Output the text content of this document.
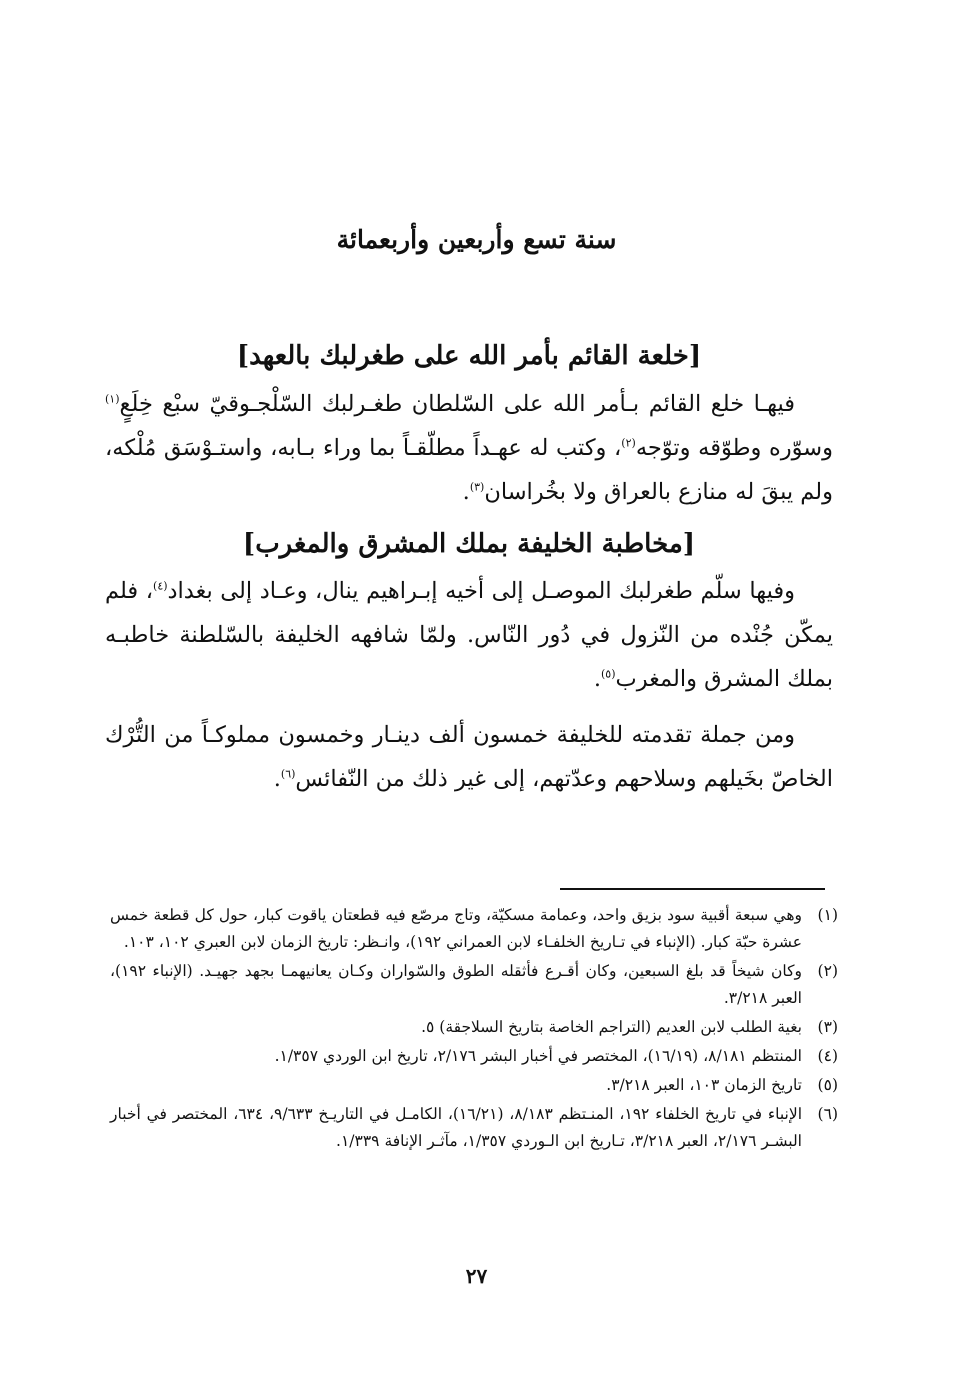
سنة تسع وأربعين وأربعمائة
[خلعة القائم بأمر الله على طغرلبك بالعهد]

فيهـا خلع القائم بـأمر الله على السّلطان طغـرلبك السّلْجـوقيّ سبْع خِلَعٍ$^{(١)}$ وسوّره وطوّقه وتوّجه$^{(٢)}$، وكتب له عهـداً مطلّقـاً بما وراء بـابه، واستـوْسَق مُلْكه، ولم يبقَ له منازع بالعراق ولا بخُراسان$^{(٣)}$.

[مخاطبة الخليفة بملك المشرق والمغرب]

وفيها سلّم طغرلبك الموصـل إلى أخيه إبـراهيم ينال، وعـاد إلى بغداد$^{(٤)}$، فلم يمكّن جُنْده من النّزول في دُور النّاس. ولمّا شافهه الخليفة بالسّلطنة خاطبـه بملك المشرق والمغرب$^{(٥)}$.

ومن جملة تقدمته للخليفة خمسون ألف دينـار وخمسون مملوكـاً من التُّرْك الخاصّ بخَيلهم وسلاحهم وعدّتهم، إلى غير ذلك من النّفائس$^{(٦)}$.

(١)
وهي سبعة أقبية سود بزيق واحد، وعمامة مسكيّة، وتاج مرصّع فيه قطعتان ياقوت كبار، حول كل قطعة خمس عشرة حبّة كبار. (الإنباء في تـاريخ الخلفـاء لابن العمراني ١٩٢)، وانـظر: تاريخ الزمان لابن العبري ١٠٢، ١٠٣.
(٢)
وكان شيخاً قد بلغ السبعين، وكان أقـرع فأثقله الطوق والسّواران وكـان يعانيهمـا بجهد جهيـد. (الإنباء ١٩٢)، العبر ٣/٢١٨.
(٣)
بغية الطلب لابن العديم (التراجم الخاصة بتاريخ السلاجقة) ٥.
(٤)
المنتظم ٨/١٨١، (١٦/١٩)، المختصر في أخبار البشر ٢/١٧٦، تاريخ ابن الوردي ١/٣٥٧.
(٥)
تاريخ الزمان ١٠٣، العبر ٣/٢١٨.
(٦)
الإنباء في تاريخ الخلفاء ١٩٢، المنـتظم ٨/١٨٣، (١٦/٢١)، الكامـل في التاريـخ ٩/٦٣٣، ٦٣٤، المختصر في أخبار البشـر ٢/١٧٦، العبر ٣/٢١٨، تـاريخ ابن الـوردي ١/٣٥٧، مآثـر الإنافة ١/٣٣٩.
٢٧
